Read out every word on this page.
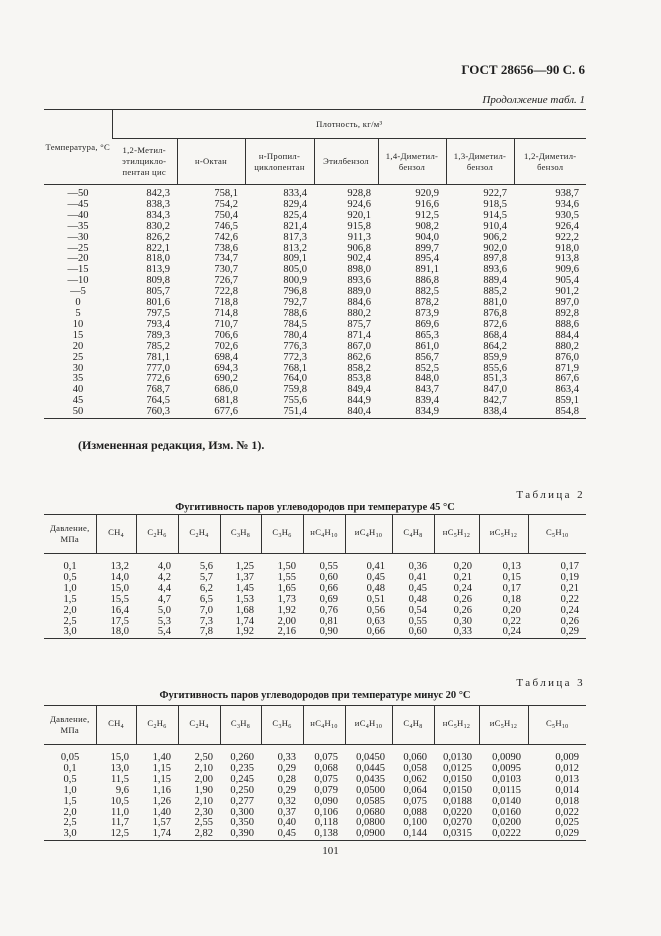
ГОСТ 28656—90 С. 6
Продолжение табл. 1
Температура, °С	Плотность, кг/м³						
	1,2-Метил-этилцикло-пентан цис	н-Октан	н-Пропил-циклопентан	Этилбензол	1,4-Диметил-бензол	1,3-Диметил-бензол	1,2-Диметил-бензол
—50	842,3	758,1	833,4	928,8	920,9	922,7	938,7
—45	838,3	754,2	829,4	924,6	916,6	918,5	934,6
—40	834,3	750,4	825,4	920,1	912,5	914,5	930,5
—35	830,2	746,5	821,4	915,8	908,2	910,4	926,4
—30	826,2	742,6	817,3	911,3	904,0	906,2	922,2
—25	822,1	738,6	813,2	906,8	899,7	902,0	918,0
—20	818,0	734,7	809,1	902,4	895,4	897,8	913,8
—15	813,9	730,7	805,0	898,0	891,1	893,6	909,6
—10	809,8	726,7	800,9	893,6	886,8	889,4	905,4
—5	805,7	722,8	796,8	889,0	882,5	885,2	901,2
0	801,6	718,8	792,7	884,6	878,2	881,0	897,0
5	797,5	714,8	788,6	880,2	873,9	876,8	892,8
10	793,4	710,7	784,5	875,7	869,6	872,6	888,6
15	789,3	706,6	780,4	871,4	865,3	868,4	884,4
20	785,2	702,6	776,3	867,0	861,0	864,2	880,2
25	781,1	698,4	772,3	862,6	856,7	859,9	876,0
30	777,0	694,3	768,1	858,2	852,5	855,6	871,9
35	772,6	690,2	764,0	853,8	848,0	851,3	867,6
40	768,7	686,0	759,8	849,4	843,7	847,0	863,4
45	764,5	681,8	755,6	844,9	839,4	842,7	859,1
50	760,3	677,6	751,4	840,4	834,9	838,4	854,8
(Измененная редакция, Изм. № 1).
Таблица 2
Фугитивность паров углеводородов при температуре 45 °С
Давление, МПа	$CH_4$	$C_2H_6$	$C_2H_4$	$C_3H_8$	$C_3H_6$	$нC_4H_{10}$	$иC_4H_{10}$	$C_4H_8$	$нC_5H_{12}$	$иC_5H_{12}$	$C_5H_{10}$
0,1	13,2	4,0	5,6	1,25	1,50	0,55	0,41	0,36	0,20	0,13	0,17
0,5	14,0	4,2	5,7	1,37	1,55	0,60	0,45	0,41	0,21	0,15	0,19
1,0	15,0	4,4	6,2	1,45	1,65	0,66	0,48	0,45	0,24	0,17	0,21
1,5	15,5	4,7	6,5	1,53	1,73	0,69	0,51	0,48	0,26	0,18	0,22
2,0	16,4	5,0	7,0	1,68	1,92	0,76	0,56	0,54	0,26	0,20	0,24
2,5	17,5	5,3	7,3	1,74	2,00	0,81	0,63	0,55	0,30	0,22	0,26
3,0	18,0	5,4	7,8	1,92	2,16	0,90	0,66	0,60	0,33	0,24	0,29
Таблица 3
Фугитивность паров углеводородов при температуре минус 20 °С
Давление, МПа	$CH_4$	$C_2H_6$	$C_2H_4$	$C_3H_8$	$C_3H_6$	$нC_4H_{10}$	$иC_4H_{10}$	$C_4H_8$	$нC_5H_{12}$	$иC_5H_{12}$	$C_5H_{10}$
0,05	15,0	1,40	2,50	0,260	0,33	0,075	0,0450	0,060	0,0130	0,0090	0,009
0,1	13,0	1,15	2,10	0,235	0,29	0,068	0,0445	0,058	0,0125	0,0095	0,012
0,5	11,5	1,15	2,00	0,245	0,28	0,075	0,0435	0,062	0,0150	0,0103	0,013
1,0	9,6	1,16	1,90	0,250	0,29	0,079	0,0500	0,064	0,0150	0,0115	0,014
1,5	10,5	1,26	2,10	0,277	0,32	0,090	0,0585	0,075	0,0188	0,0140	0,018
2,0	11,0	1,40	2,30	0,300	0,37	0,106	0,0680	0,088	0,0220	0,0160	0,022
2,5	11,7	1,57	2,55	0,350	0,40	0,118	0,0800	0,100	0,0270	0,0200	0,025
3,0	12,5	1,74	2,82	0,390	0,45	0,138	0,0900	0,144	0,0315	0,0222	0,029
101
